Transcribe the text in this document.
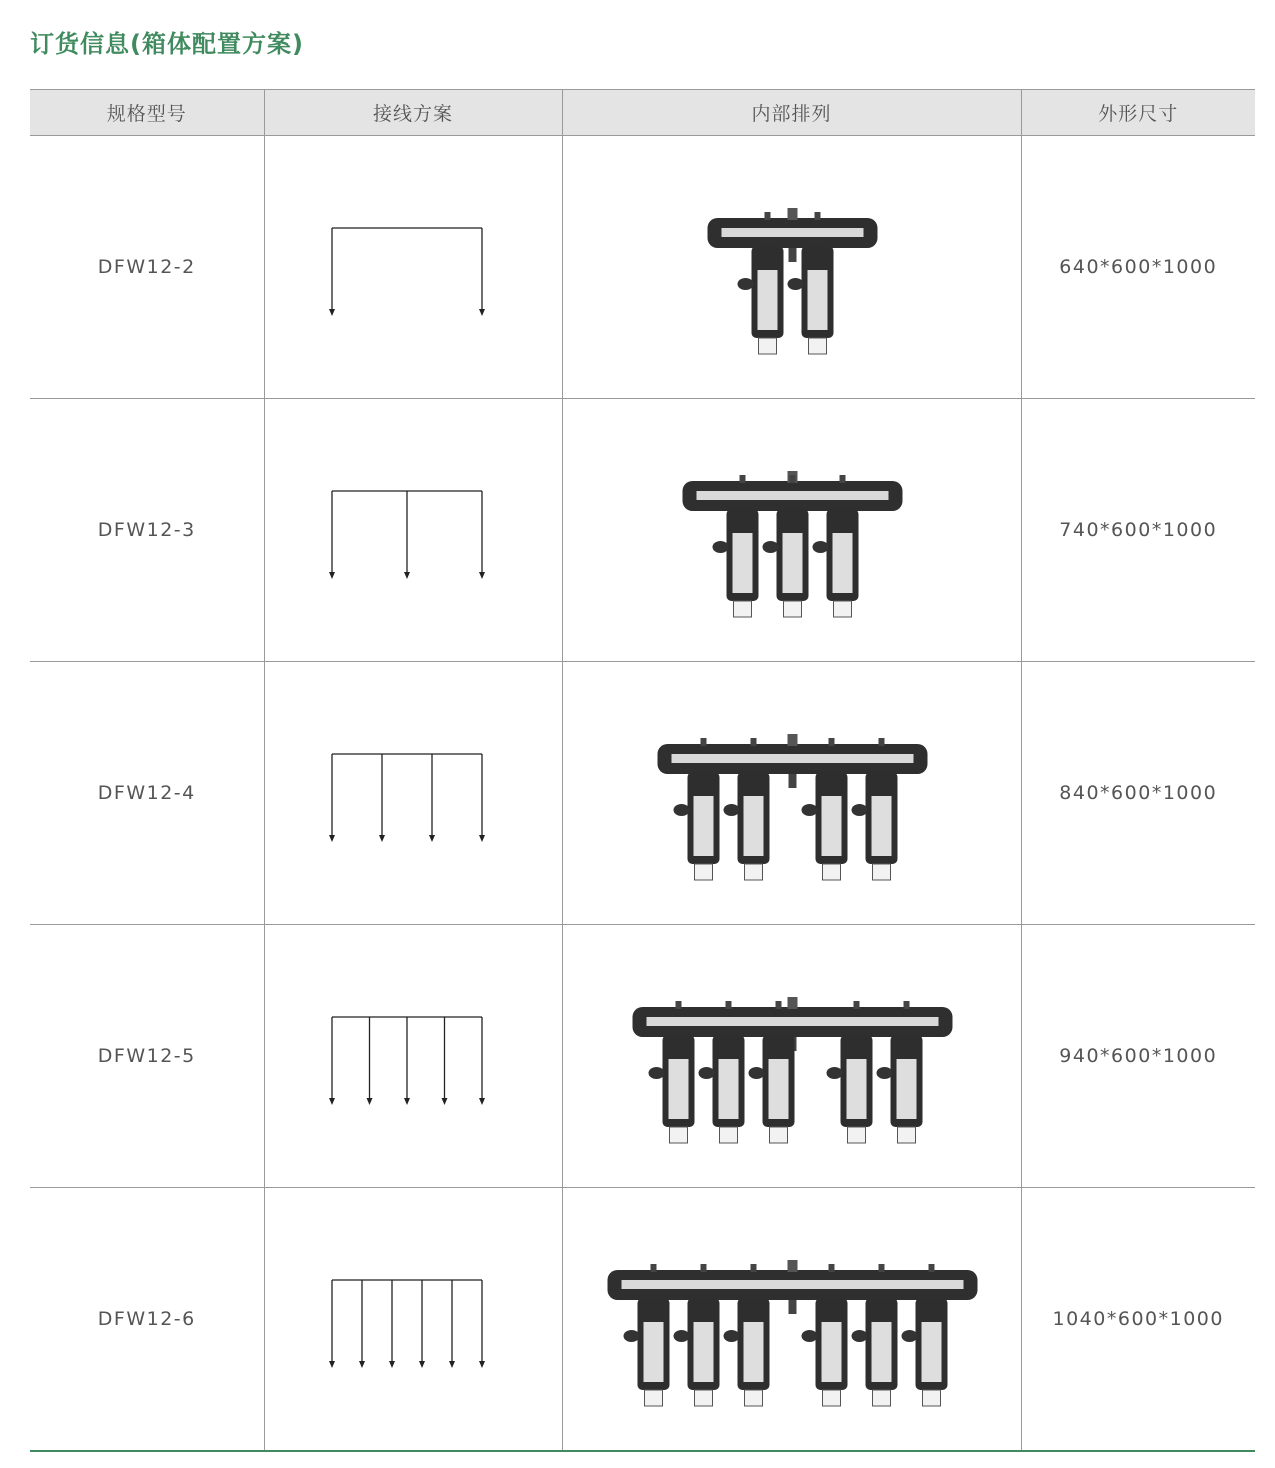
订货信息(箱体配置方案)
规格型号	接线方案	内部排列	外形尺寸
DFW12-2			640*600*1000
DFW12-3			740*600*1000
DFW12-4			840*600*1000
DFW12-5			940*600*1000
DFW12-6			1040*600*1000
